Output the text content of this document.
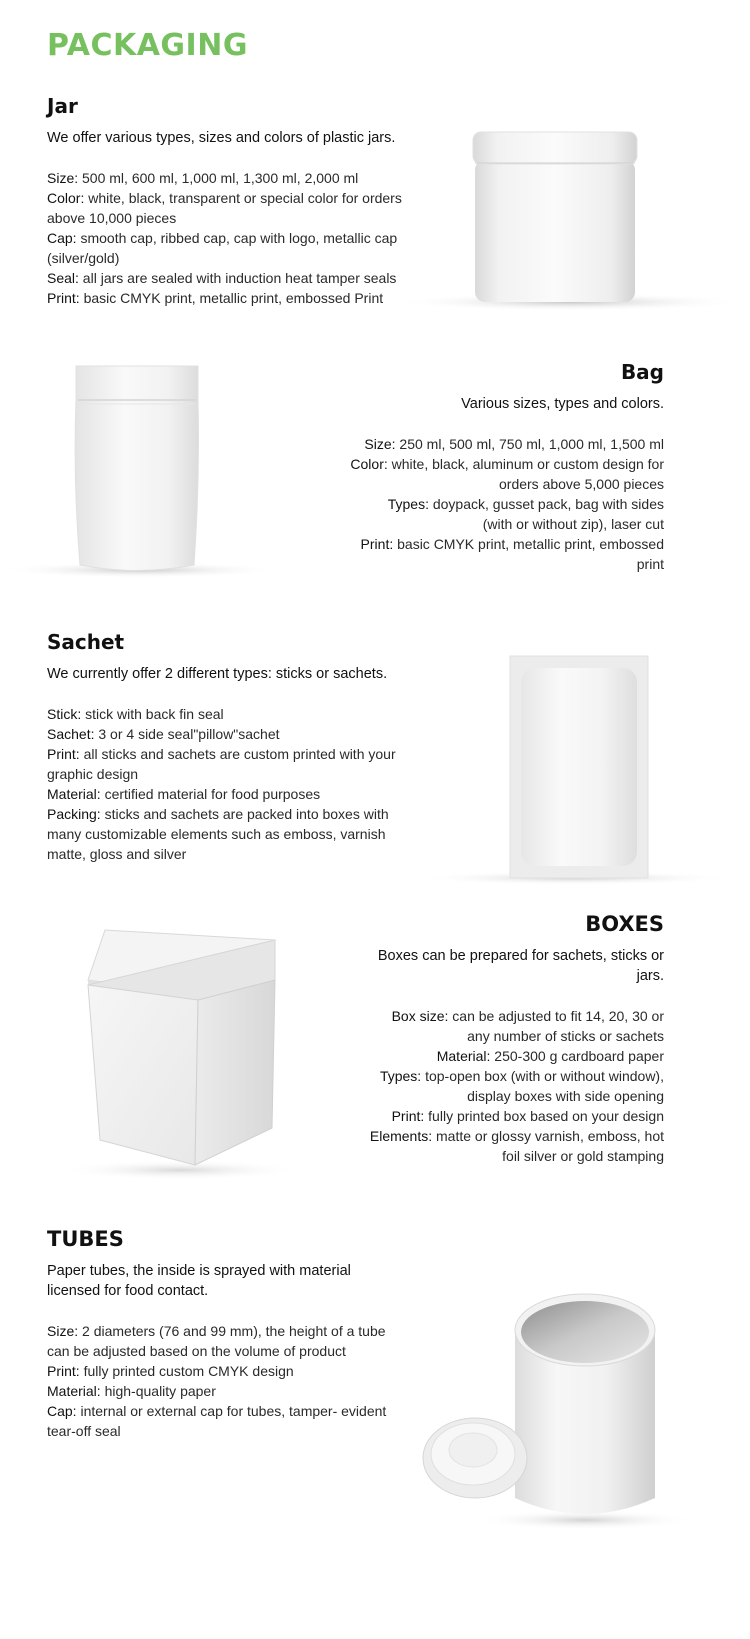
PACKAGING
Jar

We offer various types, sizes and colors of plastic jars.

Size: 500 ml, 600 ml, 1,000 ml, 1,300 ml, 2,000 ml

Color: white, black, transparent or special color for orders above 10,000 pieces

Cap: smooth cap, ribbed cap, cap with logo, metallic cap (silver/gold)

Seal: all jars are sealed with induction heat tamper seals

Print: basic CMYK print, metallic print, embossed Print

Bag

Various sizes, types and colors.

Size: 250 ml, 500 ml, 750 ml, 1,000 ml, 1,500 ml

Color: white, black, aluminum or custom design for orders above 5,000 pieces

Types: doypack, gusset pack, bag with sides (with or without zip), laser cut

Print: basic CMYK print, metallic print, embossed print

Sachet

We currently offer 2 different types: sticks or sachets.

Stick: stick with back fin seal

Sachet: 3 or 4 side seal"pillow"sachet

Print: all sticks and sachets are custom printed with your graphic design

Material: certified material for food purposes

Packing: sticks and sachets are packed into boxes with many customizable elements such as emboss, varnish matte, gloss and silver

BOXES

Boxes can be prepared for sachets, sticks or jars.

Box size: can be adjusted to fit 14, 20, 30 or any number of sticks or sachets

Material: 250-300 g cardboard paper

Types: top-open box (with or without window), display boxes with side opening

Print: fully printed box based on your design

Elements: matte or glossy varnish, emboss, hot foil silver or gold stamping

TUBES

Paper tubes, the inside is sprayed with material licensed for food contact.

Size: 2 diameters (76 and 99 mm), the height of a tube can be adjusted based on the volume of product

Print: fully printed custom CMYK design

Material: high-quality paper

Cap: internal or external cap for tubes, tamper- evident tear-off seal
